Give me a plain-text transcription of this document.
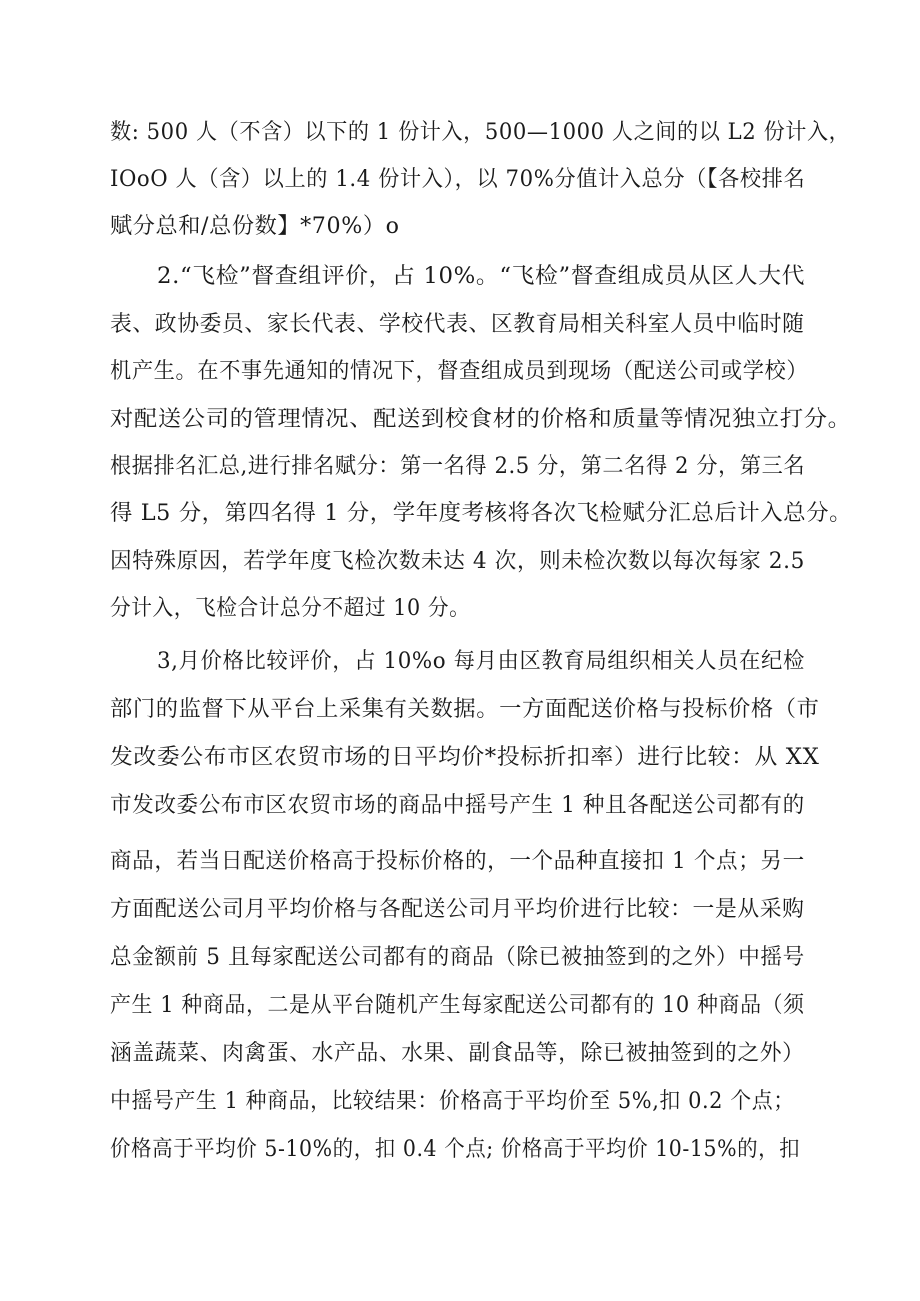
数: 500 人（不含）以下的 1 份计入，500—1000 人之间的以 L2 份计入，
IOoO 人（含）以上的 1.4 份计入），以 70%分值计入总分（【各校排名
赋分总和/总份数】*70%）o
2.“飞检”督查组评价，占 10%。“飞检”督查组成员从区人大代
表、政协委员、家长代表、学校代表、区教育局相关科室人员中临时随
机产生。在不事先通知的情况下，督查组成员到现场（配送公司或学校）
对配送公司的管理情况、配送到校食材的价格和质量等情况独立打分。
根据排名汇总,进行排名赋分：第一名得 2.5 分，第二名得 2 分，第三名
得 L5 分，第四名得 1 分，学年度考核将各次飞检赋分汇总后计入总分。
因特殊原因，若学年度飞检次数未达 4 次，则未检次数以每次每家 2.5
分计入，飞检合计总分不超过 10 分。
3,月价格比较评价，占 10%o 每月由区教育局组织相关人员在纪检
部门的监督下从平台上采集有关数据。一方面配送价格与投标价格（市
发改委公布市区农贸市场的日平均价*投标折扣率）进行比较：从 XX
市发改委公布市区农贸市场的商品中摇号产生 1 种且各配送公司都有的
商品，若当日配送价格高于投标价格的，一个品种直接扣 1 个点；另一
方面配送公司月平均价格与各配送公司月平均价进行比较：一是从采购
总金额前 5 且每家配送公司都有的商品（除已被抽签到的之外）中摇号
产生 1 种商品，二是从平台随机产生每家配送公司都有的 10 种商品（须
涵盖蔬菜、肉禽蛋、水产品、水果、副食品等，除已被抽签到的之外）
中摇号产生 1 种商品，比较结果：价格高于平均价至 5%,扣 0.2 个点；
价格高于平均价 5-10%的，扣 0.4 个点; 价格高于平均价 10-15%的，扣
